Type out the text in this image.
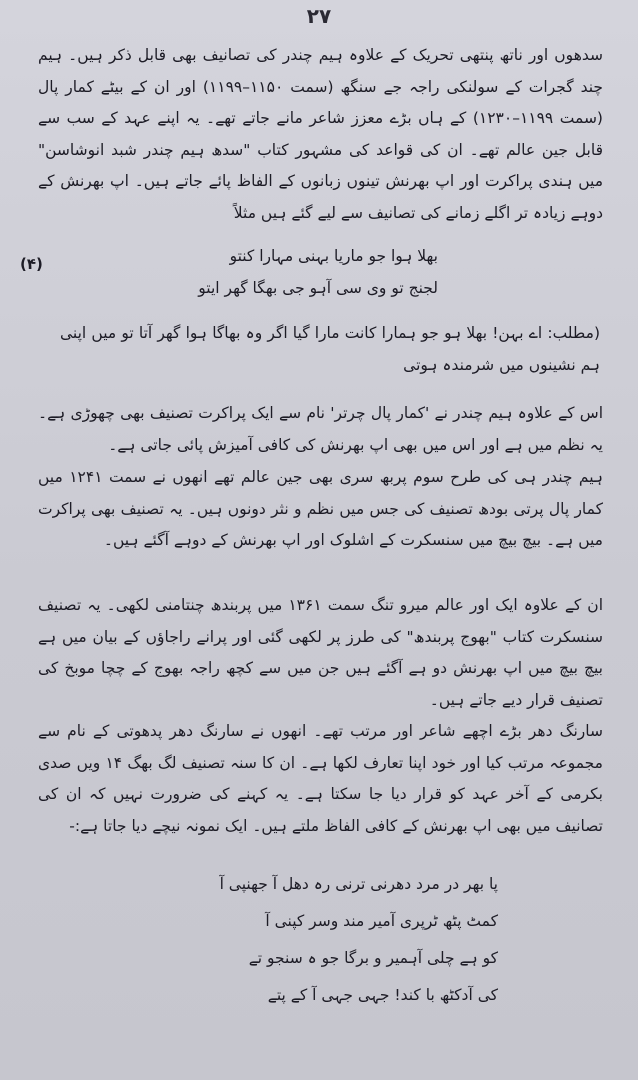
۲۷

سدھوں اور ناتھ پنتھی تحریک کے علاوہ ہیم چندر کی تصانیف بھی قابل ذکر ہیں۔ ہیم چند گجرات کے سولنکی راجہ جے سنگھ (سمت ۱۱۵۰–۱۱۹۹) اور ان کے بیٹے کمار پال (سمت ۱۱۹۹–۱۲۳۰) کے ہاں بڑے معزز شاعر مانے جاتے تھے۔ یہ اپنے عہد کے سب سے قابل جین عالم تھے۔ ان کی قواعد کی مشہور کتاب "سدھ ہیم چندر شبد انوشاسن" میں ہندی پراکرت اور اپ بھرنش تینوں زبانوں کے الفاظ پائے جاتے ہیں۔ اپ بھرنش کے دوہے زیادہ تر اگلے زمانے کی تصانیف سے لیے گئے ہیں مثلاً

(۴)	بھلا ہوا جو ماریا بہنی مہارا کنتو
لجنج تو وی سی آہو جی بھگا گھر ایتو

(مطلب: اے بہن! بھلا ہو جو ہمارا کانت مارا گیا اگر وہ بھاگا ہوا گھر آتا تو میں اپنی ہم نشینوں میں شرمندہ ہوتی

اس کے علاوہ ہیم چندر نے 'کمار پال چرتر' نام سے ایک پراکرت تصنیف بھی چھوڑی ہے۔ یہ نظم میں ہے اور اس میں بھی اپ بھرنش کی کافی آمیزش پائی جاتی ہے۔

ہیم چندر ہی کی طرح سوم پربھ سری بھی جین عالم تھے انھوں نے سمت ۱۲۴۱ میں کمار پال پرتی بودھ تصنیف کی جس میں نظم و نثر دونوں ہیں۔ یہ تصنیف بھی پراکرت میں ہے۔ بیچ بیچ میں سنسکرت کے اشلوک اور اپ بھرنش کے دوہے آگئے ہیں۔

ان کے علاوہ ایک اور عالم میرو تنگ سمت ۱۳۶۱ میں پربندھ چنتامنی لکھی۔ یہ تصنیف سنسکرت کتاب "بھوج پربندھ" کی طرز پر لکھی گئی اور پرانے راجاؤں کے بیان میں ہے بیچ بیچ میں اپ بھرنش دو ہے آگئے ہیں جن میں سے کچھ راجہ بھوج کے چچا موبخ کی تصنیف قرار دیے جاتے ہیں۔

سارنگ دھر بڑے اچھے شاعر اور مرتب تھے۔ انھوں نے سارنگ دھر پدھوتی کے نام سے مجموعہ مرتب کیا اور خود اپنا تعارف لکھا ہے۔ ان کا سنہ تصنیف لگ بھگ ۱۴ ویں صدی بکرمی کے آخر عہد کو قرار دیا جا سکتا ہے۔ یہ کہنے کی ضرورت نہیں کہ ان کی تصانیف میں بھی اپ بھرنش کے کافی الفاظ ملتے ہیں۔ ایک نمونہ نیچے دیا جاتا ہے:-

پا بھر در مرد دھرنی ترنی رہ دھل آ جھنپی آ
کمٹ پٹھ ٹرپری آمیر مند وسر کپنی آ
کو ہے چلی آہمیر و برگا جو ہ سنجو تے
کی آدکٹھ با کند! جہی جہی آ کے پتے
